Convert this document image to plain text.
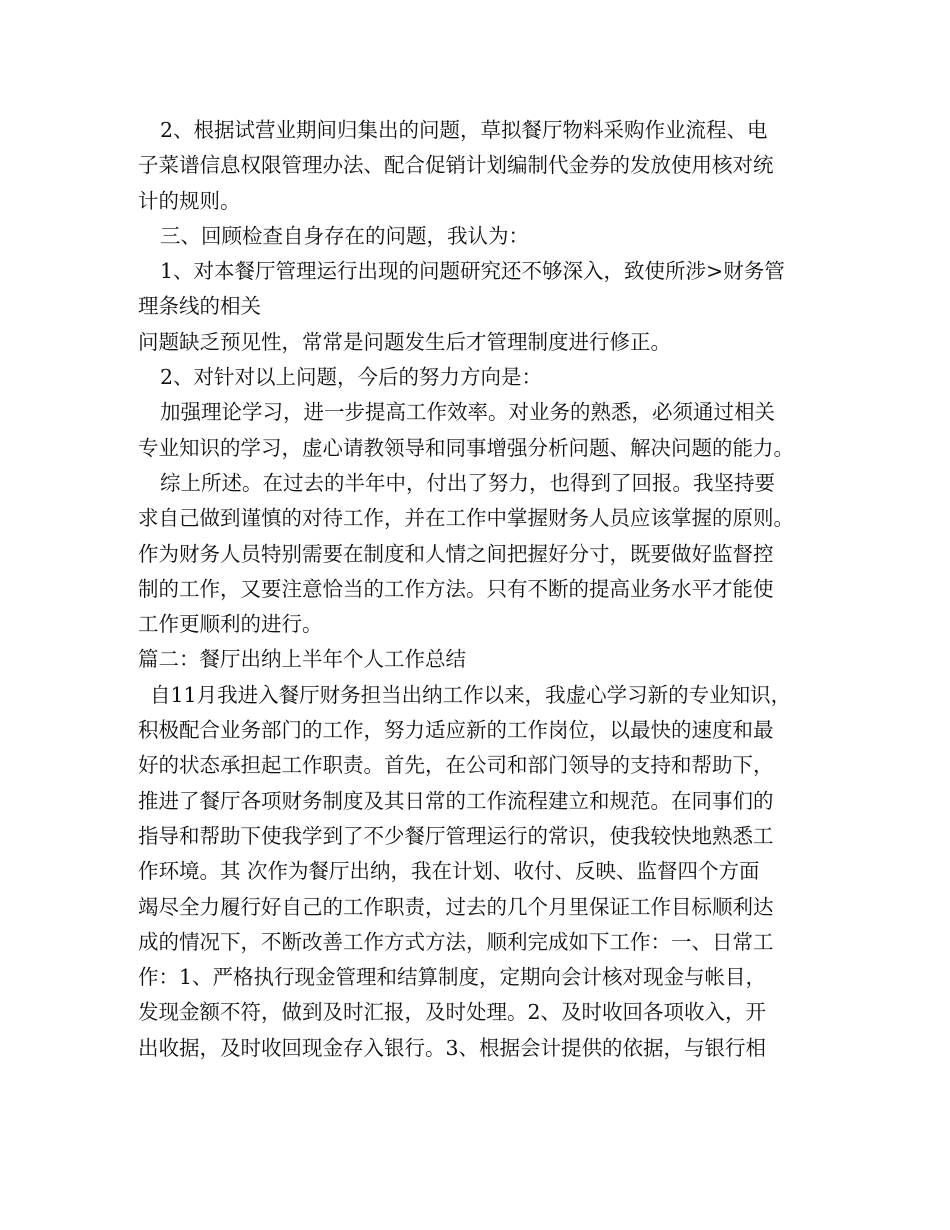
2、根据试营业期间归集出的问题，草拟餐厅物料采购作业流程、电
子菜谱信息权限管理办法、配合促销计划编制代金券的发放使用核对统
计的规则。
三、回顾检查自身存在的问题，我认为：
1、对本餐厅管理运行出现的问题研究还不够深入，致使所涉>财务管
理条线的相关
问题缺乏预见性，常常是问题发生后才管理制度进行修正。
2、对针对以上问题，今后的努力方向是：
加强理论学习，进一步提高工作效率。对业务的熟悉，必须通过相关
专业知识的学习，虚心请教领导和同事增强分析问题、解决问题的能力。
综上所述。在过去的半年中，付出了努力，也得到了回报。我坚持要
求自己做到谨慎的对待工作，并在工作中掌握财务人员应该掌握的原则。
作为财务人员特别需要在制度和人情之间把握好分寸，既要做好监督控
制的工作，又要注意恰当的工作方法。只有不断的提高业务水平才能使
工作更顺利的进行。
篇二：餐厅出纳上半年个人工作总结
自11月我进入餐厅财务担当出纳工作以来，我虚心学习新的专业知识，
积极配合业务部门的工作，努力适应新的工作岗位，以最快的速度和最
好的状态承担起工作职责。首先，在公司和部门领导的支持和帮助下，
推进了餐厅各项财务制度及其日常的工作流程建立和规范。在同事们的
指导和帮助下使我学到了不少餐厅管理运行的常识，使我较快地熟悉工
作环境。其 次作为餐厅出纳，我在计划、收付、反映、监督四个方面
竭尽全力履行好自己的工作职责，过去的几个月里保证工作目标顺利达
成的情况下，不断改善工作方式方法，顺利完成如下工作：一、日常工
作：1、严格执行现金管理和结算制度，定期向会计核对现金与帐目，
发现金额不符，做到及时汇报，及时处理。2、及时收回各项收入，开
出收据，及时收回现金存入银行。3、根据会计提供的依据，与银行相
